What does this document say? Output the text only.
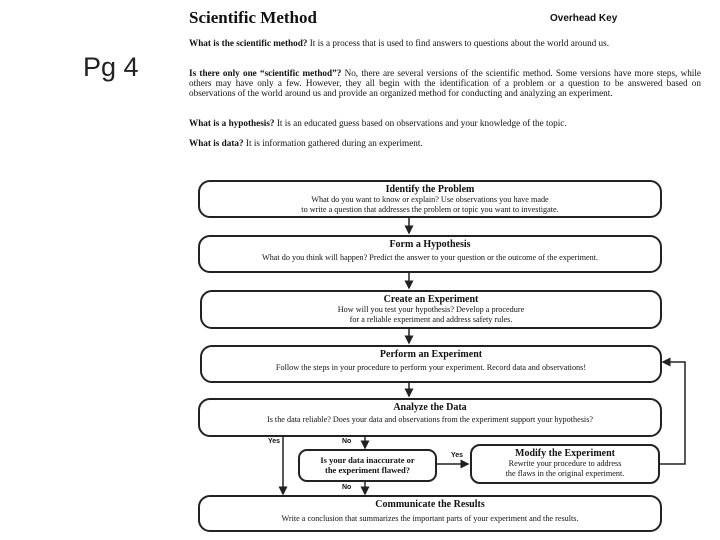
Pg 4
Scientific Method	Overhead Key
What is the scientific method? It is a process that is used to find answers to questions about the world around us.
Is there only one “scientific method”? No, there are several versions of the scientific method. Some versions have more steps, while others may have only a few. However, they all begin with the identification of a problem or a question to be answered based on observations of the world around us and provide an organized method for conducting and analyzing an experiment.
What is a hypothesis? It is an educated guess based on observations and your knowledge of the topic.
What is data? It is information gathered during an experiment.
Identify the Problem
What do you want to know or explain? Use observations you have made
to write a question that addresses the problem or topic you want to investigate.
Form a Hypothesis
What do you think will happen? Predict the answer to your question or the outcome of the experiment.
Create an Experiment
How will you test your hypothesis? Develop a procedure
for a reliable experiment and address safety rules.
Perform an Experiment
Follow the steps in your procedure to perform your experiment. Record data and observations!
Analyze the Data
Is the data reliable? Does your data and observations from the experiment support your hypothesis?
Yes	No
Is your data inaccurate or
the experiment flawed?
Yes
No
Modify the Experiment
Rewrite your procedure to address
the flaws in the original experiment.
Communicate the Results
Write a conclusion that summarizes the important parts of your experiment and the results.
